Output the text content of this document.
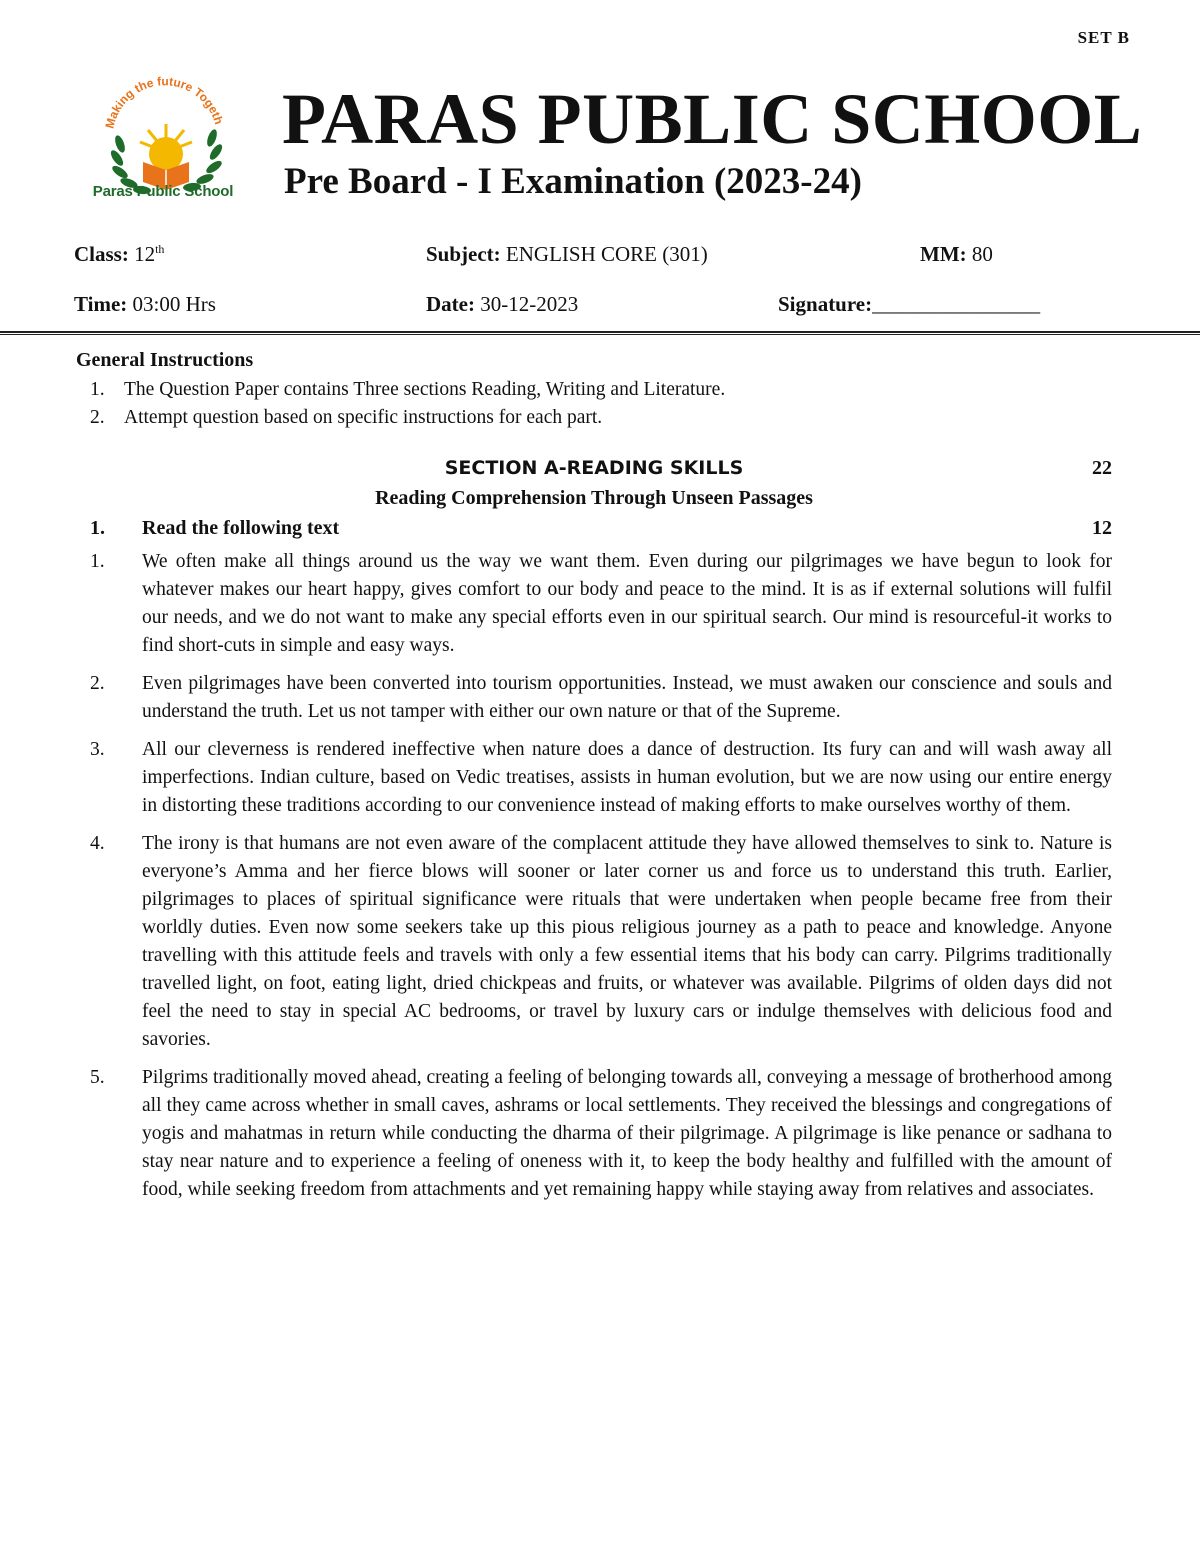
SET B
Making the future Togeth
Paras Public School
PARAS PUBLIC SCHOOL
Pre Board - I Examination (2023-24)
Class: 12th	Subject: ENGLISH CORE (301)	MM: 80
Time: 03:00 Hrs	Date: 30-12-2023	Signature:________________
General Instructions
1. The Question Paper contains Three sections Reading, Writing and Literature.
2. Attempt question based on specific instructions for each part.
SECTION A-READING SKILLS	22
Reading Comprehension Through Unseen Passages
1. Read the following text	12
1.	We often make all things around us the way we want them. Even during our pilgrimages we have begun to look for whatever makes our heart happy, gives comfort to our body and peace to the mind. It is as if external solutions will fulfil our needs, and we do not want to make any special efforts even in our spiritual search. Our mind is resourceful-it works to find short-cuts in simple and easy ways.
2.	Even pilgrimages have been converted into tourism opportunities. Instead, we must awaken our conscience and souls and understand the truth. Let us not tamper with either our own nature or that of the Supreme.
3.	All our cleverness is rendered ineffective when nature does a dance of destruction. Its fury can and will wash away all imperfections. Indian culture, based on Vedic treatises, assists in human evolution, but we are now using our entire energy in distorting these traditions according to our convenience instead of making efforts to make ourselves worthy of them.
4.	The irony is that humans are not even aware of the complacent attitude they have allowed themselves to sink to. Nature is everyone’s Amma and her fierce blows will sooner or later corner us and force us to understand this truth. Earlier, pilgrimages to places of spiritual significance were rituals that were undertaken when people became free from their worldly duties. Even now some seekers take up this pious religious journey as a path to peace and knowledge. Anyone travelling with this attitude feels and travels with only a few essential items that his body can carry. Pilgrims traditionally travelled light, on foot, eating light, dried chickpeas and fruits, or whatever was available. Pilgrims of olden days did not feel the need to stay in special AC bedrooms, or travel by luxury cars or indulge themselves with delicious food and savories.
5.	Pilgrims traditionally moved ahead, creating a feeling of belonging towards all, conveying a message of brotherhood among all they came across whether in small caves, ashrams or local settlements. They received the blessings and congregations of yogis and mahatmas in return while conducting the dharma of their pilgrimage. A pilgrimage is like penance or sadhana to stay near nature and to experience a feeling of oneness with it, to keep the body healthy and fulfilled with the amount of food, while seeking freedom from attachments and yet remaining happy while staying away from relatives and associates.
